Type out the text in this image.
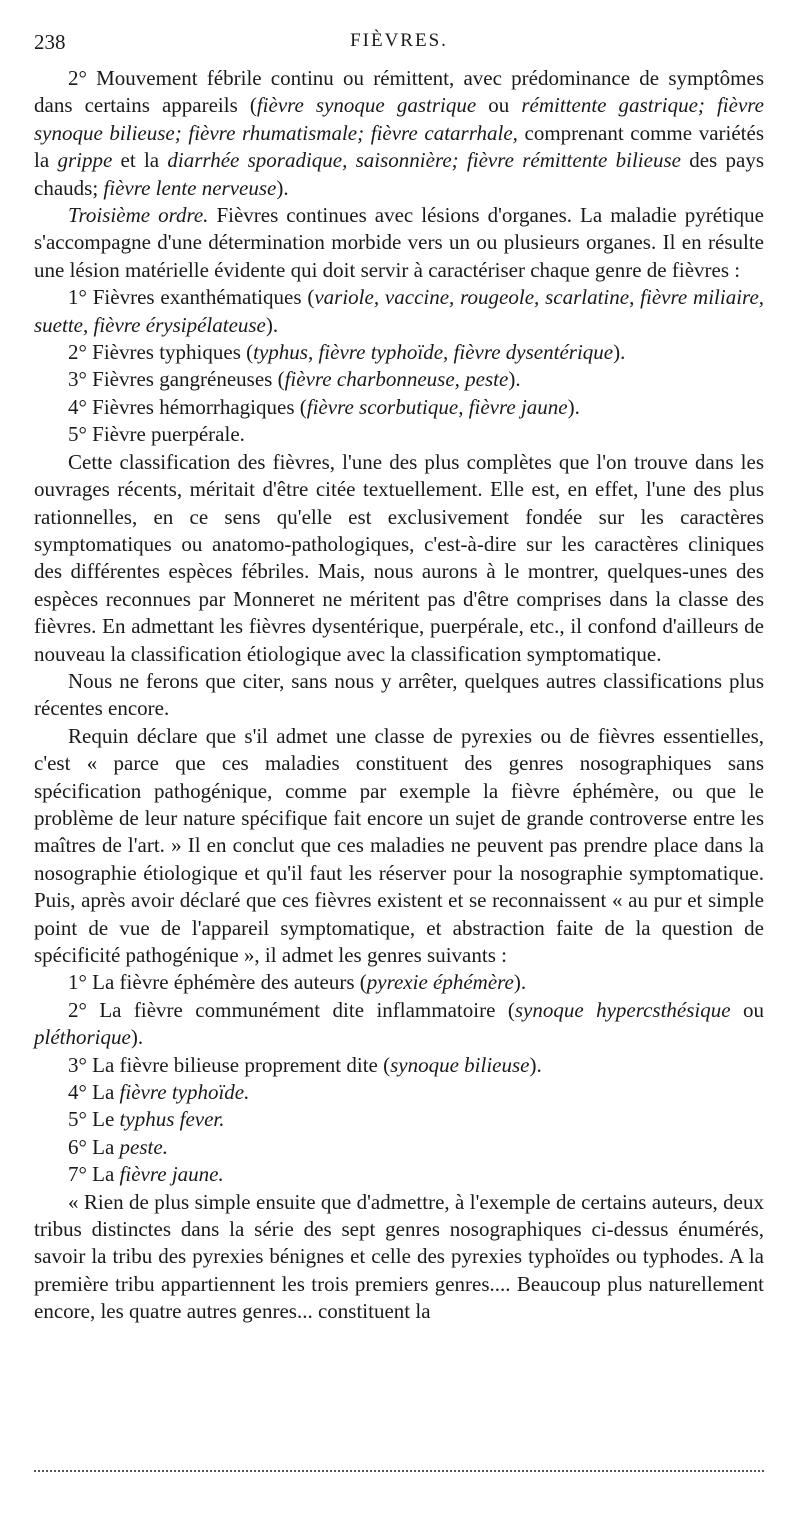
238	FIÈVRES.

2° Mouvement fébrile continu ou rémittent, avec prédominance de symptômes dans certains appareils (fièvre synoque gastrique ou rémittente gastrique; fièvre synoque bilieuse; fièvre rhumatismale; fièvre catarrhale, comprenant comme variétés la grippe et la diarrhée sporadique, saisonnière; fièvre rémittente bilieuse des pays chauds; fièvre lente nerveuse).

Troisième ordre. Fièvres continues avec lésions d'organes. La maladie pyrétique s'accompagne d'une détermination morbide vers un ou plusieurs organes. Il en résulte une lésion matérielle évidente qui doit servir à caractériser chaque genre de fièvres :

1° Fièvres exanthématiques (variole, vaccine, rougeole, scarlatine, fièvre miliaire, suette, fièvre érysipélateuse).

2° Fièvres typhiques (typhus, fièvre typhoïde, fièvre dysentérique).

3° Fièvres gangréneuses (fièvre charbonneuse, peste).

4° Fièvres hémorrhagiques (fièvre scorbutique, fièvre jaune).

5° Fièvre puerpérale.

Cette classification des fièvres, l'une des plus complètes que l'on trouve dans les ouvrages récents, méritait d'être citée textuellement. Elle est, en effet, l'une des plus rationnelles, en ce sens qu'elle est exclusivement fondée sur les caractères symptomatiques ou anatomo-pathologiques, c'est-à-dire sur les caractères cliniques des différentes espèces fébriles. Mais, nous aurons à le montrer, quelques-unes des espèces reconnues par Monneret ne méritent pas d'être comprises dans la classe des fièvres. En admettant les fièvres dysentérique, puerpérale, etc., il confond d'ailleurs de nouveau la classification étiologique avec la classification symptomatique.

Nous ne ferons que citer, sans nous y arrêter, quelques autres classifications plus récentes encore.

Requin déclare que s'il admet une classe de pyrexies ou de fièvres essentielles, c'est « parce que ces maladies constituent des genres nosographiques sans spécification pathogénique, comme par exemple la fièvre éphémère, ou que le problème de leur nature spécifique fait encore un sujet de grande controverse entre les maîtres de l'art. » Il en conclut que ces maladies ne peuvent pas prendre place dans la nosographie étiologique et qu'il faut les réserver pour la nosographie symptomatique. Puis, après avoir déclaré que ces fièvres existent et se reconnaissent « au pur et simple point de vue de l'appareil symptomatique, et abstraction faite de la question de spécificité pathogénique », il admet les genres suivants :

1° La fièvre éphémère des auteurs (pyrexie éphémère).

2° La fièvre communément dite inflammatoire (synoque hypercsthésique ou pléthorique).

3° La fièvre bilieuse proprement dite (synoque bilieuse).

4° La fièvre typhoïde.

5° Le typhus fever.

6° La peste.

7° La fièvre jaune.

« Rien de plus simple ensuite que d'admettre, à l'exemple de certains auteurs, deux tribus distinctes dans la série des sept genres nosographiques ci-dessus énumérés, savoir la tribu des pyrexies bénignes et celle des pyrexies typhoïdes ou typhodes. A la première tribu appartiennent les trois premiers genres.... Beaucoup plus naturellement encore, les quatre autres genres... constituent la
